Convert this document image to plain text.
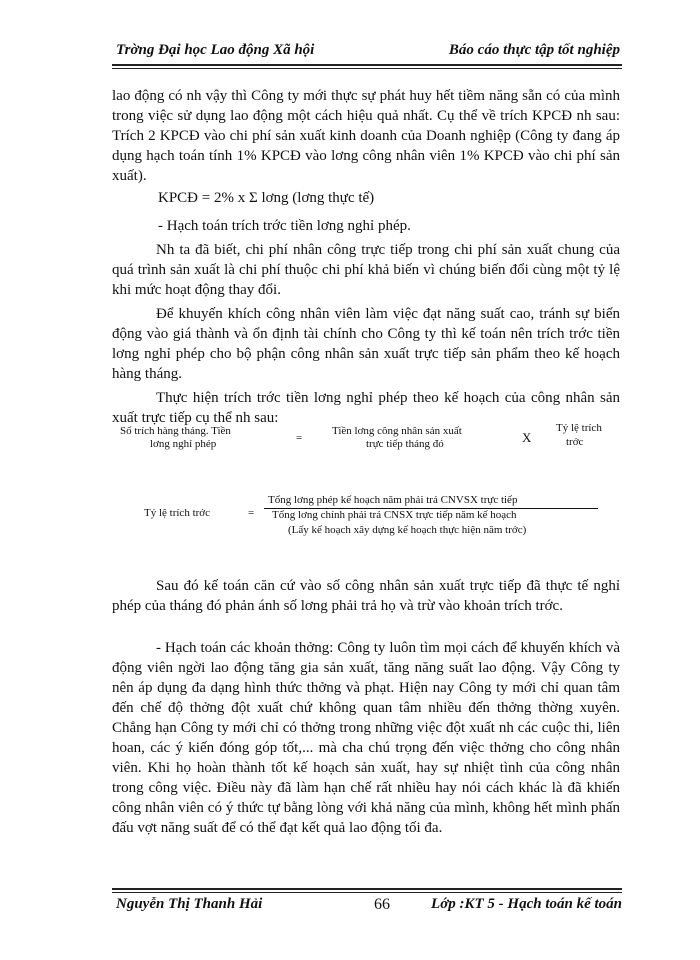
Trờng Đại học Lao động Xã hội	Báo cáo thực tập tốt nghiệp
lao động có nh vậy thì Công ty mới thực sự phát huy hết tiềm năng sẵn có của mình trong việc sử dụng lao động một cách hiệu quả nhất. Cụ thể về trích KPCĐ nh sau: Trích 2 KPCĐ vào chi phí sản xuất kinh doanh của Doanh nghiệp (Công ty đang áp dụng hạch toán tính 1% KPCĐ vào lơng công nhân viên 1% KPCĐ vào chi phí sản xuất).
KPCĐ = 2% x Σ lơng (lơng thực tế)
- Hạch toán trích trớc tiền lơng nghỉ phép.
Nh ta đã biết, chi phí nhân công trực tiếp trong chi phí sản xuất chung của quá trình sản xuất là chi phí thuộc chi phí khả biến vì chúng biến đổi cùng một tỷ lệ khi mức hoạt động thay đổi.
Để khuyến khích công nhân viên làm việc đạt năng suất cao, tránh sự biến động vào giá thành và ổn định tài chính cho Công ty thì kế toán nên trích trớc tiền lơng nghỉ phép cho bộ phận công nhân sản xuất trực tiếp sản phẩm theo kế hoạch hàng tháng.
Thực hiện trích trớc tiền lơng nghỉ phép theo kế hoạch của công nhân sản xuất trực tiếp cụ thể nh sau:
Số trích hàng tháng. Tiền
lơng nghỉ phép	=
Tiền lơng công nhân sản xuất
trực tiếp tháng đó	X
Tỷ lệ trích
trớc
Tỷ lệ trích trớc	=
Tổng lơng phép kế hoạch năm phải trả CNVSX trực tiếp
Tổng lơng chính phải trả CNSX trực tiếp năm kế hoạch
(Lấy kế hoạch xây dựng kế hoạch thực hiện năm trớc)
Sau đó kế toán căn cứ vào số công nhân sản xuất trực tiếp đã thực tế nghỉ phép của tháng đó phản ánh số lơng phải trả họ và trừ vào khoản trích trớc.
- Hạch toán các khoản thởng: Công ty luôn tìm mọi cách để khuyến khích và động viên ngời lao động tăng gia sản xuất, tăng năng suất lao động. Vậy Công ty nên áp dụng đa dạng hình thức thởng và phạt. Hiện nay Công ty mới chỉ quan tâm đến chế độ thởng đột xuất chứ không quan tâm nhiều đến thởng thờng xuyên. Chẳng hạn Công ty mới chỉ có thởng trong những việc đột xuất nh các cuộc thi, liên hoan, các ý kiến đóng góp tốt,... mà cha chú trọng đến việc thởng cho công nhân viên. Khi họ hoàn thành tốt kế hoạch sản xuất, hay sự nhiệt tình của công nhân trong công việc. Điều này đã làm hạn chế rất nhiều hay nói cách khác là đã khiến công nhân viên có ý thức tự bằng lòng với khả năng của mình, không hết mình phấn đấu vợt năng suất để có thể đạt kết quả lao động tối đa.
Nguyễn Thị Thanh Hải	66	Lớp :KT 5 - Hạch toán kế toán
